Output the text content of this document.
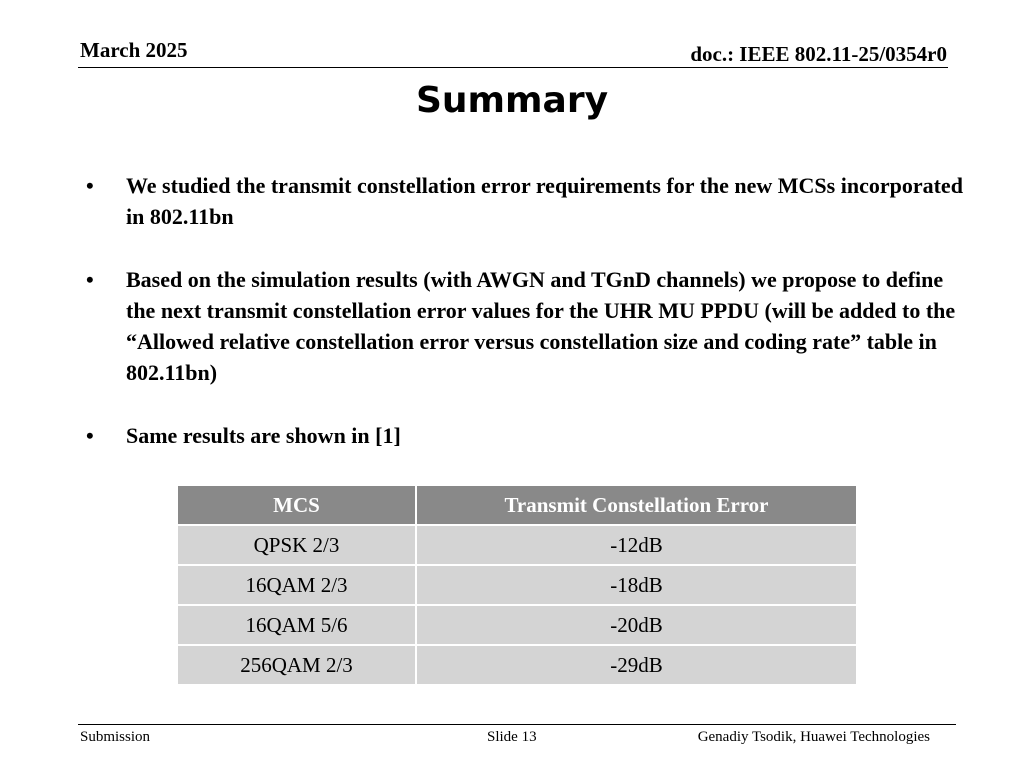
March 2025	doc.: IEEE 802.11-25/0354r0
Summary
• We studied the transmit constellation error requirements for the new MCSs incorporated in 802.11bn
• Based on the simulation results (with AWGN and TGnD channels) we propose to define the next transmit constellation error values for the UHR MU PPDU (will be added to the “Allowed relative constellation error versus constellation size and coding rate” table in 802.11bn)
• Same results are shown in [1]
MCS	Transmit Constellation Error
QPSK 2/3	-12dB
16QAM 2/3	-18dB
16QAM 5/6	-20dB
256QAM 2/3	-29dB
Submission	Slide 13	Genadiy Tsodik, Huawei Technologies
